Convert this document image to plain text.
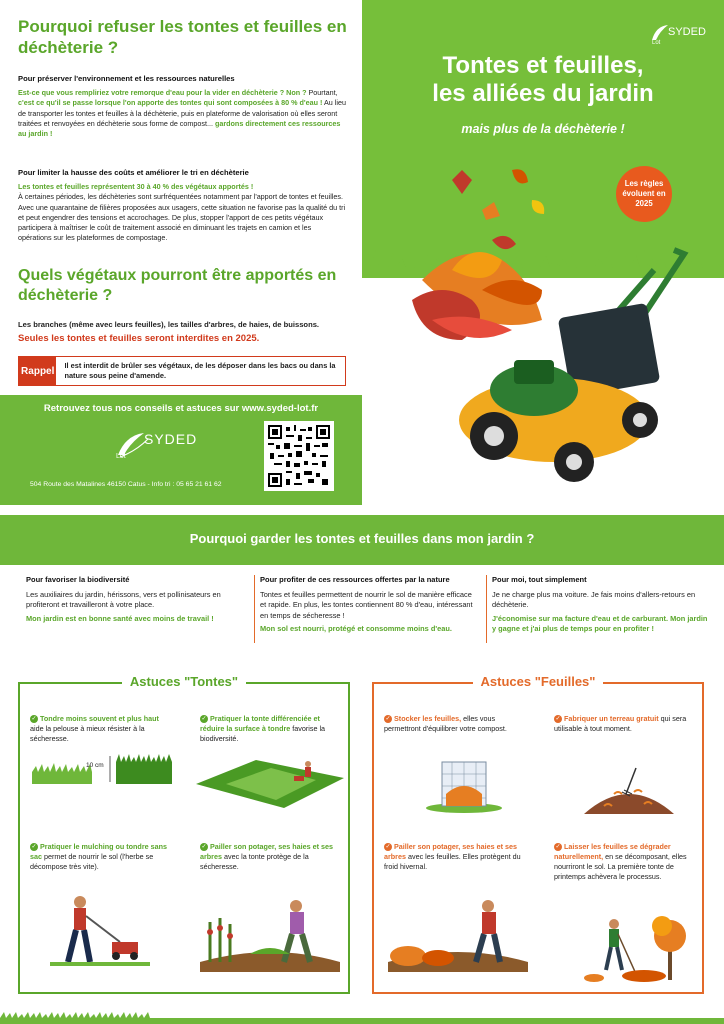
Pourquoi refuser les tontes et feuilles en déchèterie ?
Pour préserver l'environnement et les ressources naturelles
Est-ce que vous rempliriez votre remorque d'eau pour la vider en déchèterie ? Non ? Pourtant, c'est ce qu'il se passe lorsque l'on apporte des tontes qui sont composées à 80 % d'eau ! Au lieu de transporter les tontes et feuilles à la déchèterie, puis en plateforme de valorisation où elles seront traitées et renvoyées en déchèterie sous forme de compost... gardons directement ces ressources au jardin !
Pour limiter la hausse des coûts et améliorer le tri en déchèterie
Les tontes et feuilles représentent 30 à 40 % des végétaux apportés !
À certaines périodes, les déchèteries sont surfréquentées notamment par l'apport de tontes et feuilles. Avec une quarantaine de filières proposées aux usagers, cette situation ne favorise pas la qualité du tri et peut engendrer des tensions et accrochages. De plus, stopper l'apport de ces petits végétaux participera à maîtriser le coût de traitement associé en diminuant les trajets en camion et les opérations sur les plateformes de compostage.
Quels végétaux pourront être apportés en déchèterie ?
Les branches (même avec leurs feuilles), les tailles d'arbres, de haies, de buissons.
Seules les tontes et feuilles seront interdites en 2025.
Rappel	Il est interdit de brûler ses végétaux, de les déposer dans les bacs ou dans la nature sous peine d'amende.
Retrouvez tous nos conseils et astuces sur www.syded-lot.fr
SYDED
Lot
504 Route des Matalines 46150 Catus - Info tri : 05 65 21 61 62
SYDED
Lot
Tontes et feuilles,
les alliées du jardin
mais plus de la déchèterie !
Les règles évoluent en 2025
Pourquoi garder les tontes et feuilles dans mon jardin ?
Pour favoriser la biodiversité
Les auxiliaires du jardin, hérissons, vers et pollinisateurs en profiteront et travailleront à votre place.
Mon jardin est en bonne santé avec moins de travail !
Pour profiter de ces ressources offertes par la nature
Tontes et feuilles permettent de nourrir le sol de manière efficace et rapide. En plus, les tontes contiennent 80 % d'eau, intéressant en temps de sécheresse !
Mon sol est nourri, protégé et consomme moins d'eau.
Pour moi, tout simplement
Je ne charge plus ma voiture. Je fais moins d'allers-retours en déchèterie.
J'économise sur ma facture d'eau et de carburant. Mon jardin y gagne et j'ai plus de temps pour en profiter !
Astuces "Tontes"
✓ Tondre moins souvent et plus haut aide la pelouse à mieux résister à la sécheresse.
10 cm
✓ Pratiquer la tonte différenciée et réduire la surface à tondre favorise la biodiversité.
✓ Pratiquer le mulching ou tondre sans sac permet de nourrir le sol (l'herbe se décompose très vite).
✓ Pailler son potager, ses haies et ses arbres avec la tonte protège de la sécheresse.
Astuces "Feuilles"
✓ Stocker les feuilles, elles vous permettront d'équilibrer votre compost.
✓ Fabriquer un terreau gratuit qui sera utilisable à tout moment.
✓ Pailler son potager, ses haies et ses arbres avec les feuilles. Elles protègent du froid hivernal.
✓ Laisser les feuilles se dégrader naturellement, en se décomposant, elles nourriront le sol. La première tonte de printemps achèvera le processus.
